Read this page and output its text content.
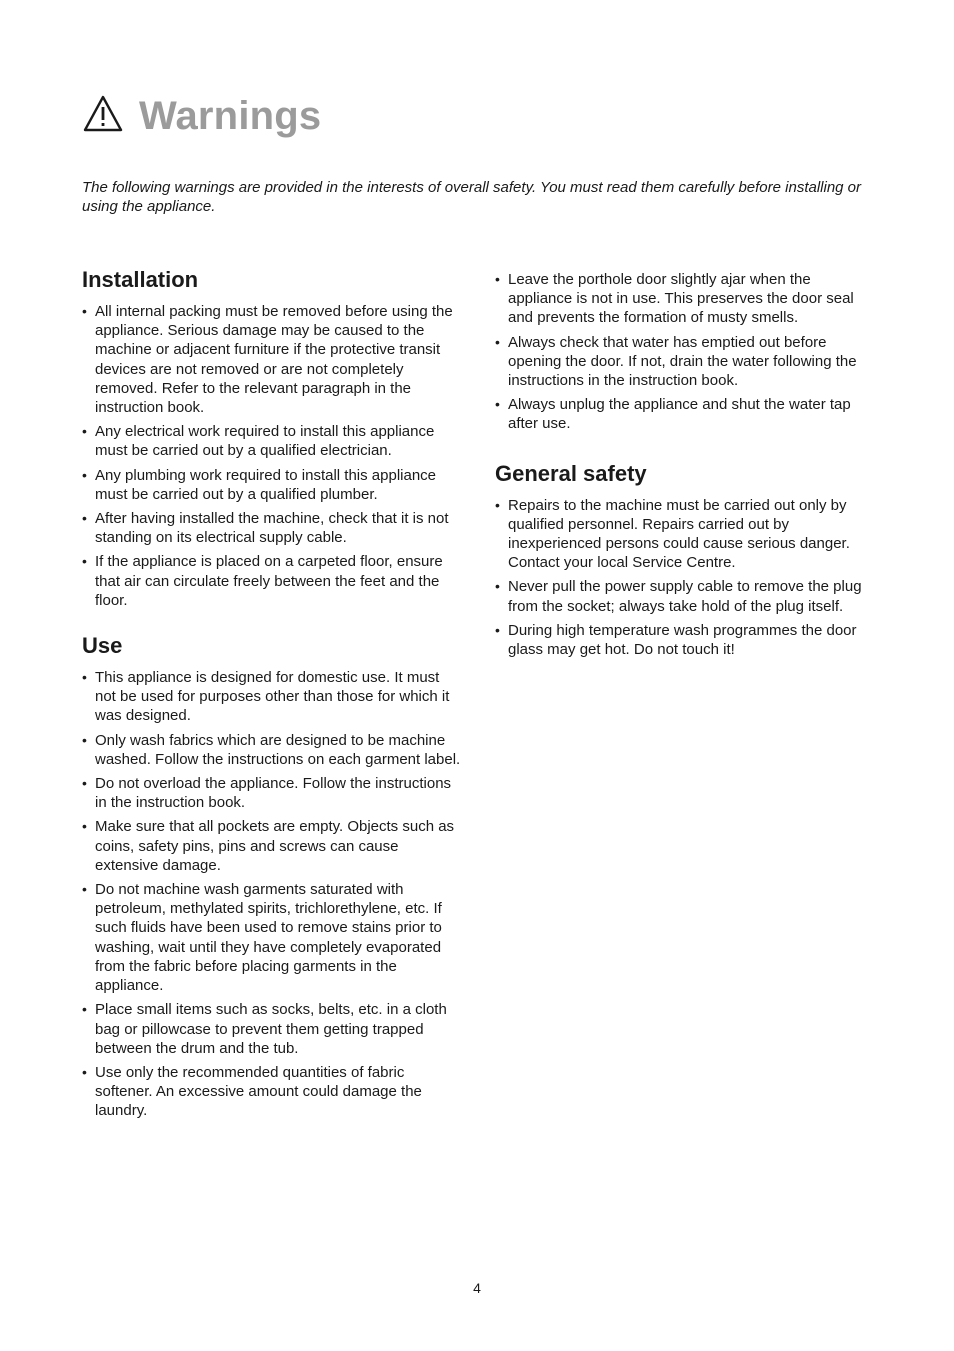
Warnings

The following warnings are provided in the interests of overall safety. You must read them carefully before installing or using the appliance.

Installation
• All internal packing must be removed before using the appliance. Serious damage may be caused to the machine or adjacent furniture if the protective transit devices are not removed or are not completely removed. Refer to the relevant paragraph in the instruction book.
• Any electrical work required to install this appliance must be carried out by a qualified electrician.
• Any plumbing work required to install this appliance must be carried out by a qualified plumber.
• After having installed the machine, check that it is not standing on its electrical supply cable.
• If the appliance is placed on a carpeted floor, ensure that air can circulate freely between the feet and the floor.
Use
• This appliance is designed for domestic use. It must not be used for purposes other than those for which it was designed.
• Only wash fabrics which are designed to be machine washed. Follow the instructions on each garment label.
• Do not overload the appliance. Follow the instructions in the instruction book.
• Make sure that all pockets are empty. Objects such as coins, safety pins, pins and screws can cause extensive damage.
• Do not machine wash garments saturated with petroleum, methylated spirits, trichlorethylene, etc. If such fluids have been used to remove stains prior to washing, wait until they have completely evaporated from the fabric before placing garments in the appliance.
• Place small items such as socks, belts, etc. in a cloth bag or pillowcase to prevent them getting trapped between the drum and the tub.
• Use only the recommended quantities of fabric softener. An excessive amount could damage the laundry.
• Leave the porthole door slightly ajar when the appliance is not in use. This preserves the door seal and prevents the formation of musty smells.
• Always check that water has emptied out before opening the door. If not, drain the water following the instructions in the instruction book.
• Always unplug the appliance and shut the water tap after use.
General safety
• Repairs to the machine must be carried out only by qualified personnel. Repairs carried out by inexperienced persons could cause serious danger. Contact your local Service Centre.
• Never pull the power supply cable to remove the plug from the socket; always take hold of the plug itself.
• During high temperature wash programmes the door glass may get hot. Do not touch it!
4
